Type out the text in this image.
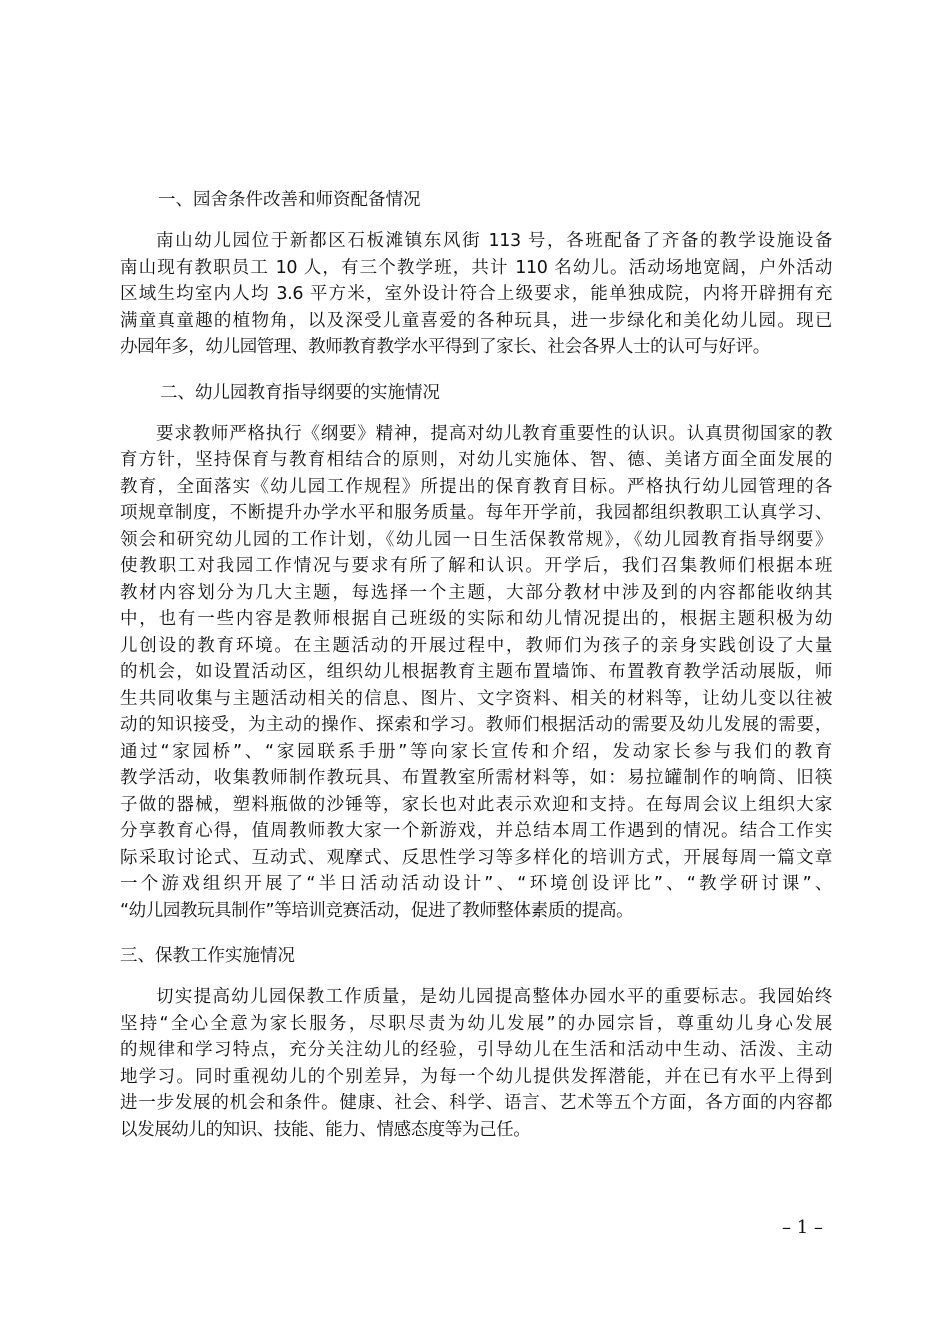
一、园舍条件改善和师资配备情况

南山幼儿园位于新都区石板滩镇东风街 113 号，各班配备了齐备的教学设施设备
南山现有教职员工 10 人，有三个教学班，共计 110 名幼儿。活动场地宽阔，户外活动
区域生均室内人均 3.6 平方米，室外设计符合上级要求，能单独成院，内将开辟拥有充
满童真童趣的植物角，以及深受儿童喜爱的各种玩具，进一步绿化和美化幼儿园。现已
办园年多，幼儿园管理、教师教育教学水平得到了家长、社会各界人士的认可与好评。

二、幼儿园教育指导纲要的实施情况

要求教师严格执行《纲要》精神，提高对幼儿教育重要性的认识。认真贯彻国家的教
育方针，坚持保育与教育相结合的原则，对幼儿实施体、智、德、美诸方面全面发展的
教育，全面落实《幼儿园工作规程》所提出的保育教育目标。严格执行幼儿园管理的各
项规章制度，不断提升办学水平和服务质量。每年开学前，我园都组织教职工认真学习、
领会和研究幼儿园的工作计划，《幼儿园一日生活保教常规》，《幼儿园教育指导纲要》
使教职工对我园工作情况与要求有所了解和认识。开学后，我们召集教师们根据本班
教材内容划分为几大主题，每选择一个主题，大部分教材中涉及到的内容都能收纳其
中，也有一些内容是教师根据自己班级的实际和幼儿情况提出的，根据主题积极为幼
儿创设的教育环境。在主题活动的开展过程中，教师们为孩子的亲身实践创设了大量
的机会，如设置活动区，组织幼儿根据教育主题布置墙饰、布置教育教学活动展版，师
生共同收集与主题活动相关的信息、图片、文字资料、相关的材料等，让幼儿变以往被
动的知识接受，为主动的操作、探索和学习。教师们根据活动的需要及幼儿发展的需要，
通过“家园桥”、“家园联系手册”等向家长宣传和介绍，发动家长参与我们的教育
教学活动，收集教师制作教玩具、布置教室所需材料等，如：易拉罐制作的响筒、旧筷
子做的器械，塑料瓶做的沙锤等，家长也对此表示欢迎和支持。在每周会议上组织大家
分享教育心得，值周教师教大家一个新游戏，并总结本周工作遇到的情况。结合工作实
际采取讨论式、互动式、观摩式、反思性学习等多样化的培训方式，开展每周一篇文章
一个游戏组织开展了“半日活动活动设计”、“环境创设评比”、“教学研讨课”、
“幼儿园教玩具制作”等培训竞赛活动，促进了教师整体素质的提高。

三、保教工作实施情况

切实提高幼儿园保教工作质量，是幼儿园提高整体办园水平的重要标志。我园始终
坚持“全心全意为家长服务，尽职尽责为幼儿发展”的办园宗旨，尊重幼儿身心发展
的规律和学习特点，充分关注幼儿的经验，引导幼儿在生活和活动中生动、活泼、主动
地学习。同时重视幼儿的个别差异，为每一个幼儿提供发挥潜能，并在已有水平上得到
进一步发展的机会和条件。健康、社会、科学、语言、艺术等五个方面，各方面的内容都
以发展幼儿的知识、技能、能力、情感态度等为己任。

– 1 –
